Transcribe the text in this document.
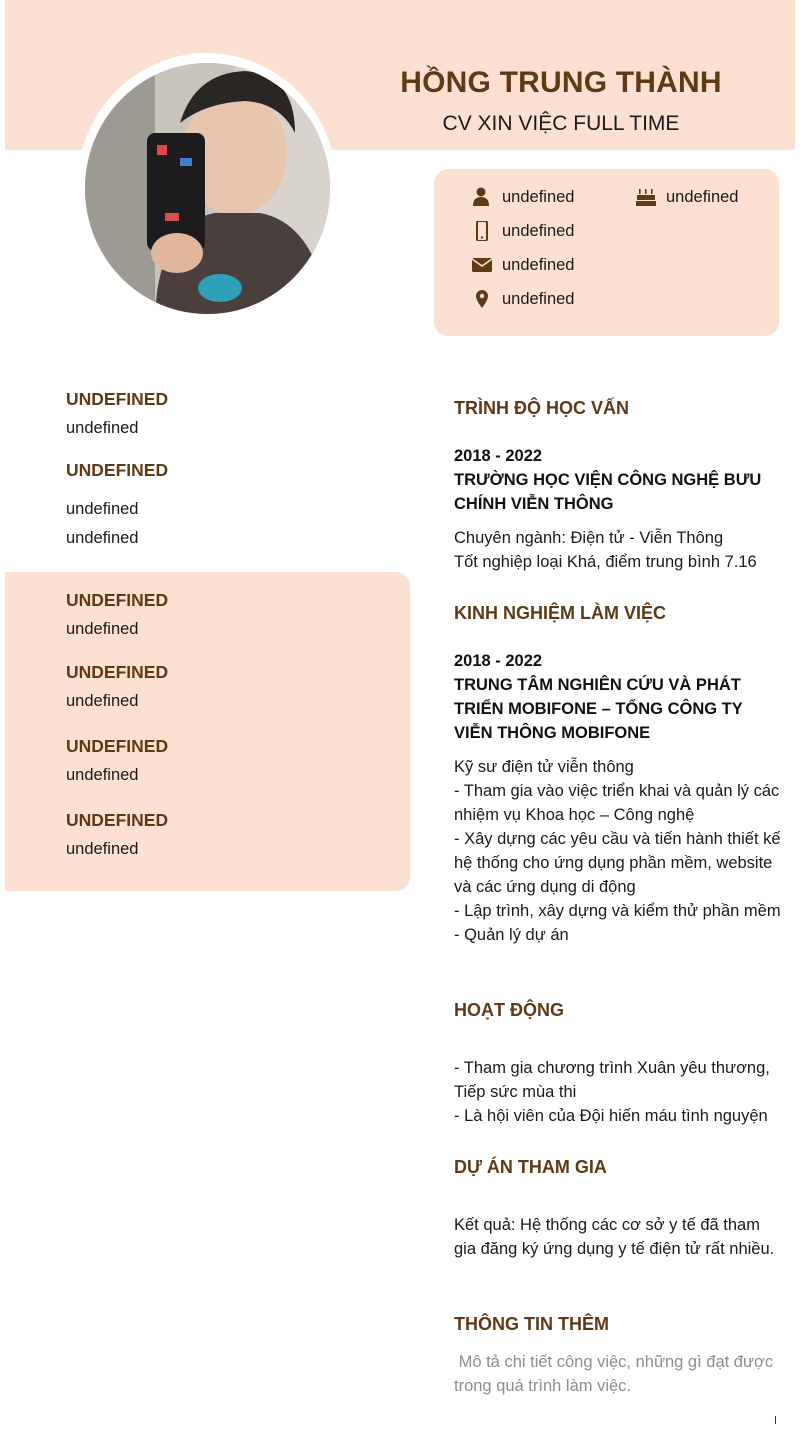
HỒNG TRUNG THÀNH
CV XIN VIỆC FULL TIME
undefined	undefined
undefined
undefined
undefined
UNDEFINED
undefined
UNDEFINED
undefined
undefined
UNDEFINED
undefined
UNDEFINED
undefined
UNDEFINED
undefined
UNDEFINED
undefined
TRÌNH ĐỘ HỌC VẤN
2018 - 2022
TRƯỜNG HỌC VIỆN CÔNG NGHỆ BƯU CHÍNH VIỄN THÔNG
Chuyên ngành: Điện tử - Viễn Thông
Tốt nghiệp loại Khá, điểm trung bình 7.16
KINH NGHIỆM LÀM VIỆC
2018 - 2022
TRUNG TÂM NGHIÊN CỨU VÀ PHÁT TRIỂN MOBIFONE – TỔNG CÔNG TY VIỄN THÔNG MOBIFONE
Kỹ sư điện tử viễn thông
- Tham gia vào việc triển khai và quản lý các nhiệm vụ Khoa học – Công nghệ
- Xây dựng các yêu cầu và tiến hành thiết kế hệ thống cho ứng dụng phần mềm, website và các ứng dụng di động
- Lập trình, xây dựng và kiểm thử phần mềm
- Quản lý dự án
HOẠT ĐỘNG
- Tham gia chương trình Xuân yêu thương, Tiếp sức mùa thi
- Là hội viên của Đội hiến máu tình nguyện
DỰ ÁN THAM GIA
Kết quả: Hệ thống các cơ sở y tế đã tham gia đăng ký ứng dụng y tế điện tử rất nhiều.
THÔNG TIN THÊM
Mô tả chi tiết công việc, những gì đạt được trong quá trình làm việc.
